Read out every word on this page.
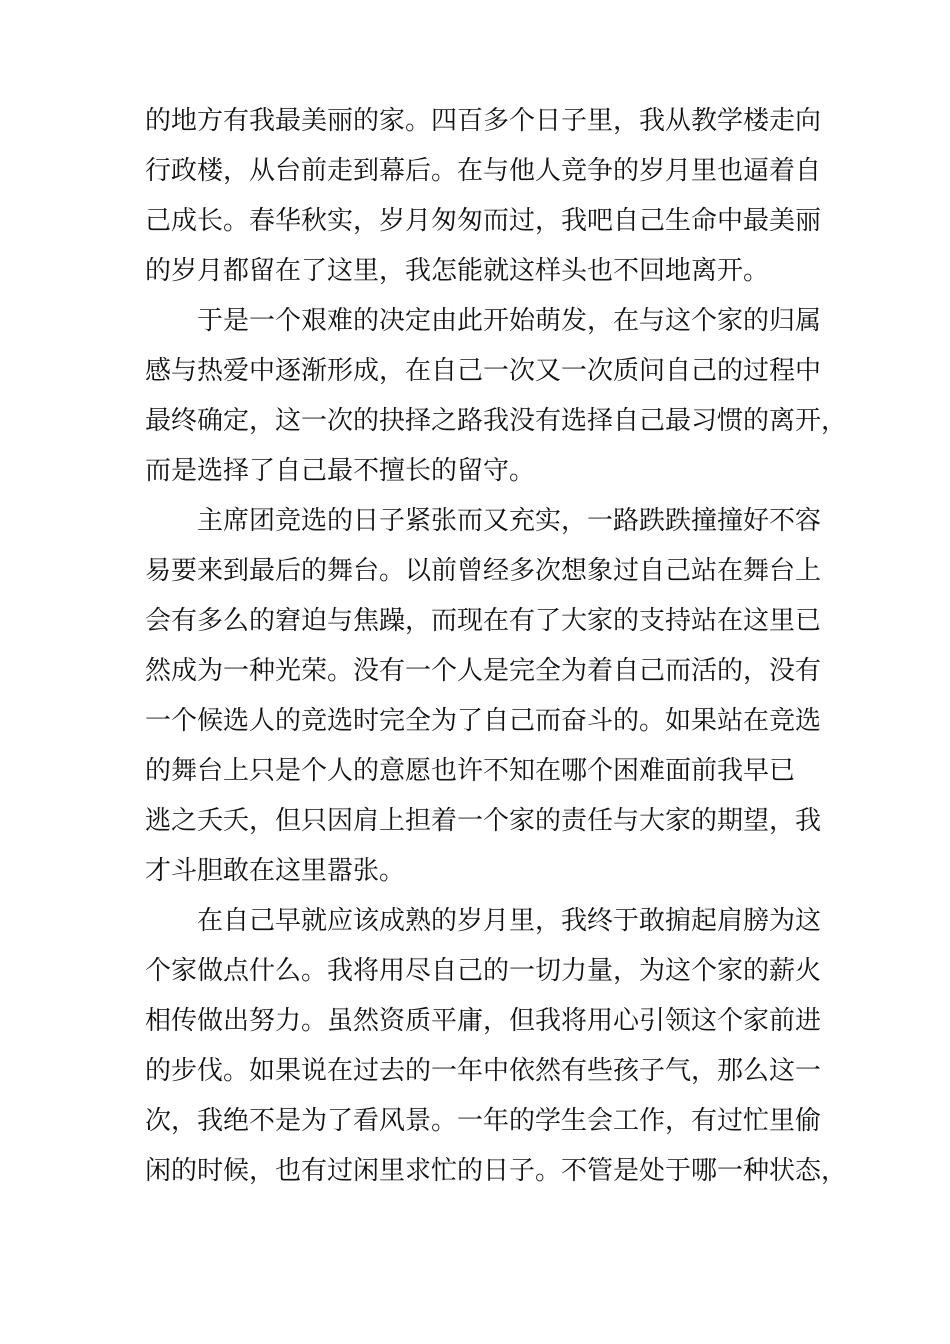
的地方有我最美丽的家。四百多个日子里，我从教学楼走向
行政楼，从台前走到幕后。在与他人竞争的岁月里也逼着自
己成长。春华秋实，岁月匆匆而过，我吧自己生命中最美丽
的岁月都留在了这里，我怎能就这样头也不回地离开。
于是一个艰难的决定由此开始萌发，在与这个家的归属
感与热爱中逐渐形成，在自己一次又一次质问自己的过程中
最终确定，这一次的抉择之路我没有选择自己最习惯的离开，
而是选择了自己最不擅长的留守。
主席团竞选的日子紧张而又充实，一路跌跌撞撞好不容
易要来到最后的舞台。以前曾经多次想象过自己站在舞台上
会有多么的窘迫与焦躁，而现在有了大家的支持站在这里已
然成为一种光荣。没有一个人是完全为着自己而活的，没有
一个候选人的竞选时完全为了自己而奋斗的。如果站在竞选
的舞台上只是个人的意愿也许不知在哪个困难面前我早已
逃之夭夭，但只因肩上担着一个家的责任与大家的期望，我
才斗胆敢在这里嚣张。
在自己早就应该成熟的岁月里，我终于敢掮起肩膀为这
个家做点什么。我将用尽自己的一切力量，为这个家的薪火
相传做出努力。虽然资质平庸，但我将用心引领这个家前进
的步伐。如果说在过去的一年中依然有些孩子气，那么这一
次，我绝不是为了看风景。一年的学生会工作，有过忙里偷
闲的时候，也有过闲里求忙的日子。不管是处于哪一种状态，
